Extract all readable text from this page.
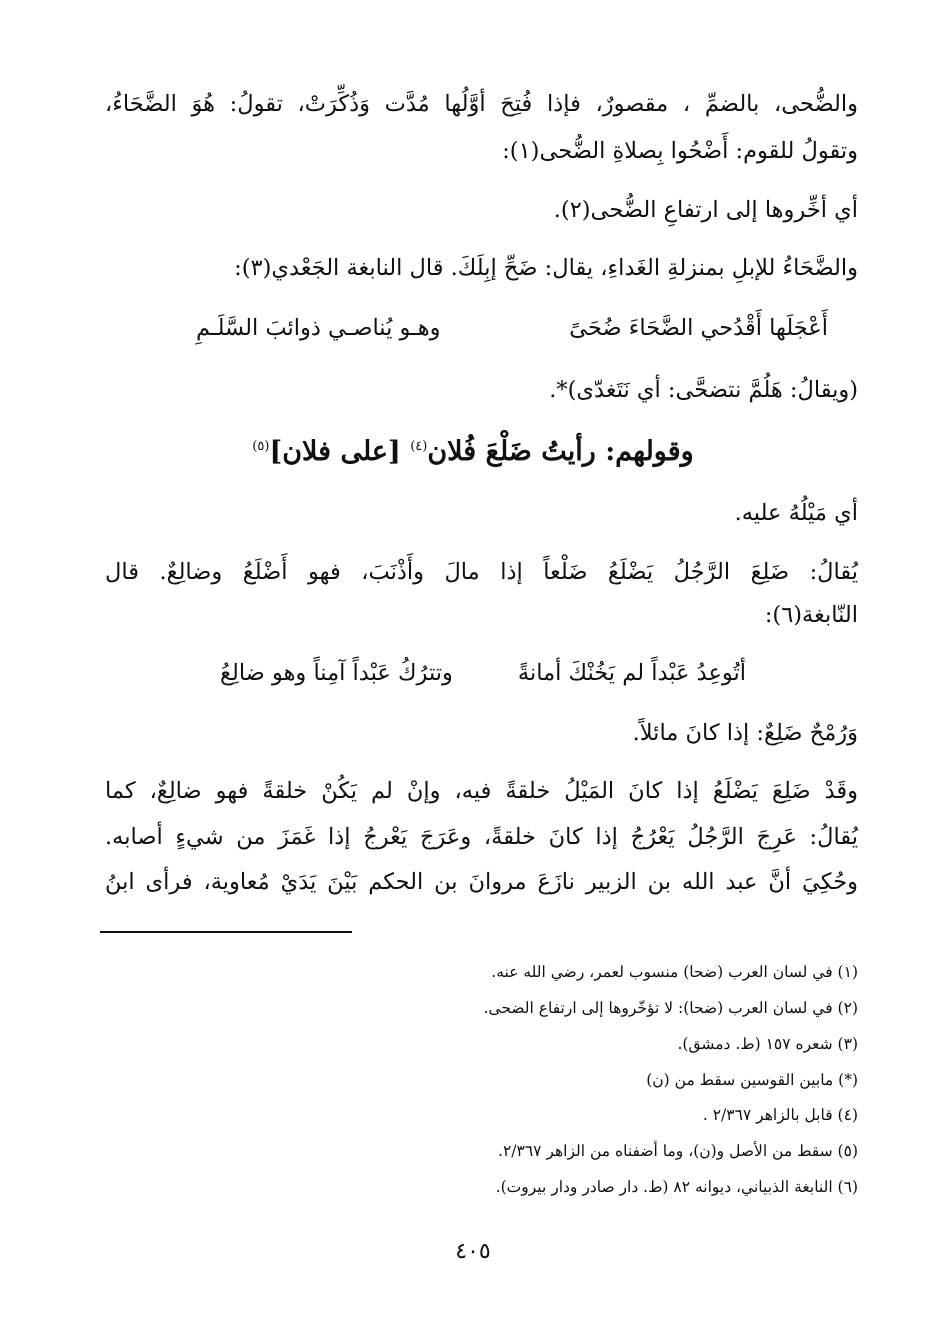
والضُّحى، بالضمِّ ، مقصورٌ، فإذا فُتِحَ أوَّلُها مُدَّت وَذُكِّرَتْ، تقولُ: هُوَ الضَّحَاءُ،
وتقولُ للقوم: أَضْحُوا بِصلاةِ الضُّحى(١):
أي أخِّروها إلى ارتفاعِ الضُّحى(٢).
والضَّحَاءُ للإبلِ بمنزلةِ الغَداءِ، يقال: ضَحِّ إبِلَكَ. قال النابغة الجَعْدي(٣):
أَعْجَلَها أَقْدُحي الضَّحَاءَ ضُحَىً
وهـو يُناصـي ذوائبَ السَّلَـمِ
(ويقالُ: هَلُمَّ نتضحَّى: أي نَتَغدّى)*.
وقولهم: رأيتُ ضَلْعَ فُلان$^{(٤)}$ [على فلان]$^{(٥)}$
أي مَيْلُهُ عليه.
يُقالُ: ضَلِعَ الرَّجُلُ يَضْلَعُ ضَلْعاً إذا مالَ وأَذْنَبَ، فهو أَضْلَعُ وضالِعٌ. قال
النّابغة(٦):
أتُوعِدُ عَبْداً لم يَخُنْكَ أمانةً
وتترُكُ عَبْداً آمِناً وهو ضالِعُ
وَرُمْحٌ ضَلِعٌ: إذا كانَ مائلاً.
وقَدْ ضَلِعَ يَضْلَعُ إذا كانَ المَيْلُ خلقةً فيه، وإنْ لم يَكُنْ خلقةً فهو ضالِعٌ، كما
يُقالُ: عَرِجَ الرَّجُلُ يَعْرُجُ إذا كانَ خلقةً، وعَرَجَ يَعْرجُ إذا غَمَزَ من شيءٍ أصابه.
وحُكِيَ أنَّ عبد الله بن الزبير نازَعَ مروانَ بن الحكم بَيْنَ يَدَيْ مُعاوية، فرأى ابنُ
(١) في لسان العرب (ضحا) منسوب لعمر، رضي الله عنه.
(٢) في لسان العرب (ضحا): لا تؤخّروها إلى ارتفاع الضحى.
(٣) شعره ١٥٧ (ط. دمشق).
(*) مابين القوسين سقط من (ن)
(٤) قابل بالزاهر ٢/٣٦٧ .
(٥) سقط من الأصل و(ن)، وما أضفناه من الزاهر ٢/٣٦٧.
(٦) النابغة الذبياني، ديوانه ٨٢ (ط. دار صادر ودار بيروت).
٤٠٥
